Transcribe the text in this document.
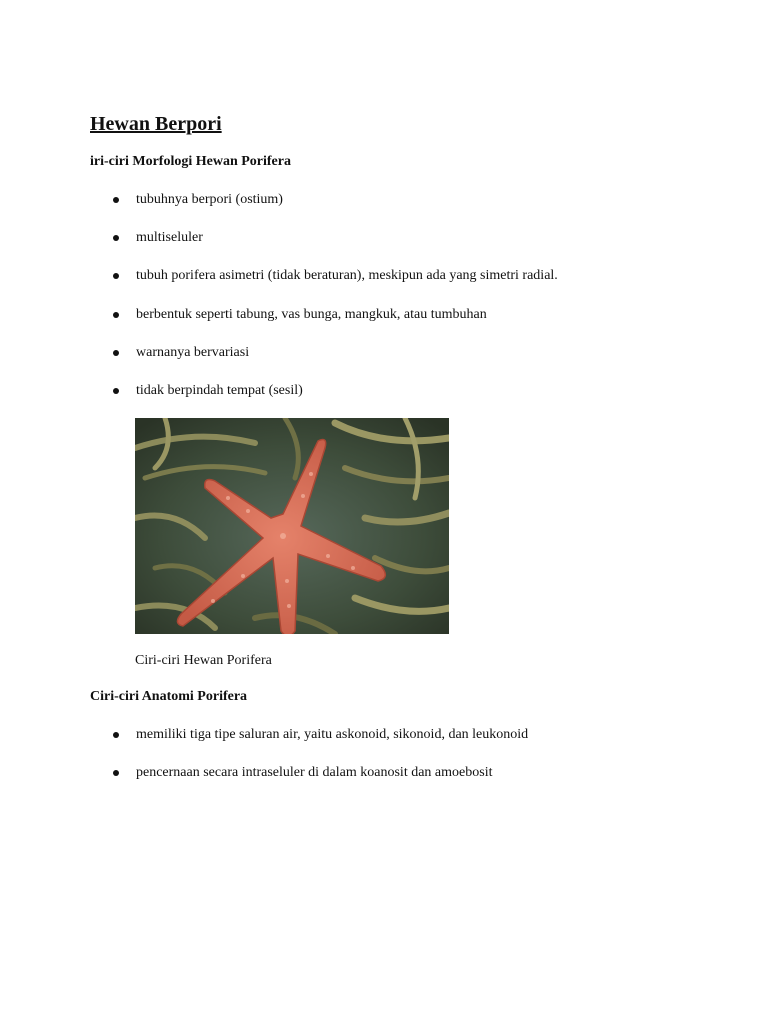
Hewan Berpori

iri-ciri Morfologi Hewan Porifera

tubuhnya berpori (ostium)
multiseluler
tubuh porifera asimetri (tidak beraturan), meskipun ada yang simetri radial.
berbentuk seperti tabung, vas bunga, mangkuk, atau tumbuhan
warnanya bervariasi
tidak berpindah tempat (sesil)

Ciri-ciri Hewan Porifera

Ciri-ciri Anatomi Porifera

memiliki tiga tipe saluran air, yaitu askonoid, sikonoid, dan leukonoid
pencernaan secara intraseluler di dalam koanosit dan amoebosit
